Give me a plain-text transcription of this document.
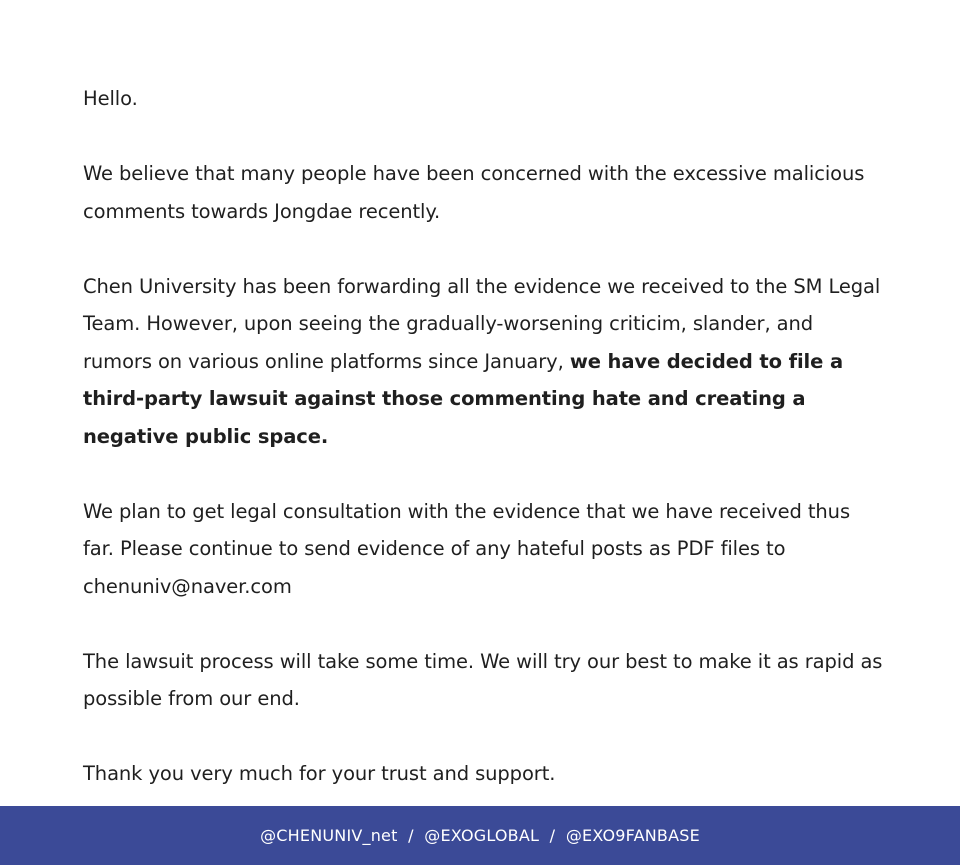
Hello.

We believe that many people have been concerned with the excessive malicious comments towards Jongdae recently.

Chen University has been forwarding all the evidence we received to the SM Legal Team. However, upon seeing the gradually-worsening criticim, slander, and rumors on various online platforms since January, we have decided to file a third-party lawsuit against those commenting hate and creating a negative public space.

We plan to get legal consultation with the evidence that we have received thus far. Please continue to send evidence of any hateful posts as PDF files to chenuniv@naver.com

The lawsuit process will take some time. We will try our best to make it as rapid as possible from our end.

Thank you very much for your trust and support.

@CHENUNIV_net  /  @EXOGLOBAL  /  @EXO9FANBASE
